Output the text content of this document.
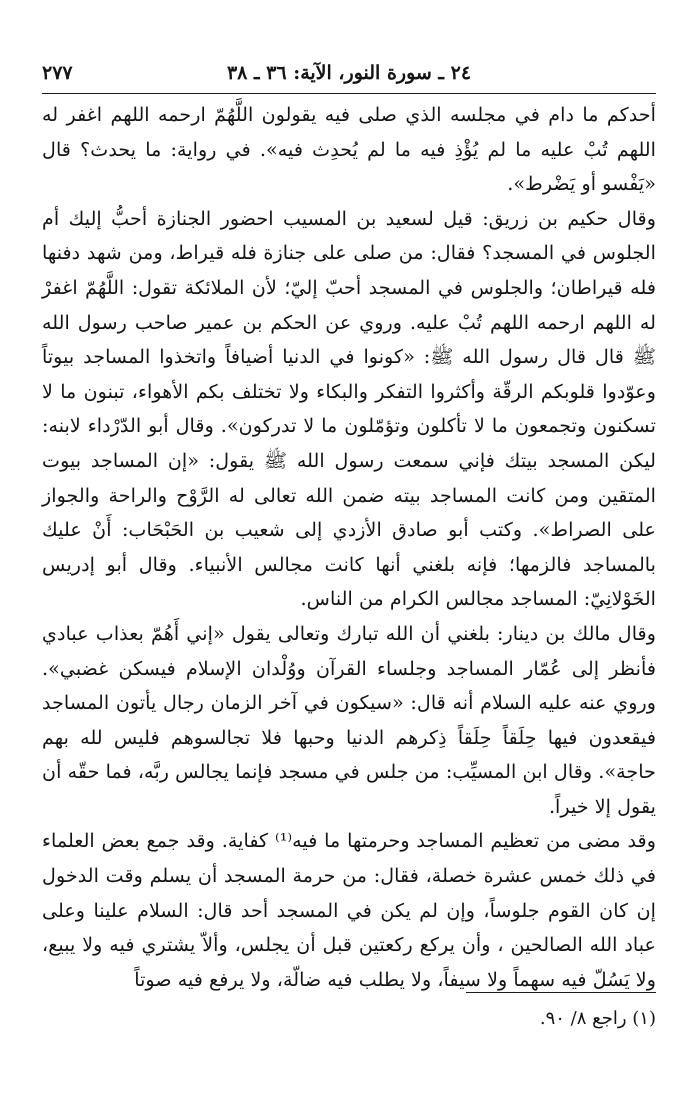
٢٤ ـ سورة النور، الآية: ٣٦ ـ ٣٨
٢٧٧

أحدكم ما دام في مجلسه الذي صلى فيه يقولون اللَّهُمّ ارحمه اللهم اغفر له اللهم تُبْ عليه ما لم يُؤْذِ فيه ما لم يُحدِث فيه». في رواية: ما يحدث؟ قال «يَفْسو أو يَضْرط».

وقال حكيم بن زريق: قيل لسعيد بن المسيب احضور الجنازة أحبُّ إليك أم الجلوس في المسجد؟ فقال: من صلى على جنازة فله قيراط، ومن شهد دفنها فله قيراطان؛ والجلوس في المسجد أحبّ إليّ؛ لأن الملائكة تقول: اللَّهُمّ اغفرْ له اللهم ارحمه اللهم تُبْ عليه. وروي عن الحكم بن عمير صاحب رسول الله ﷺ قال قال رسول الله ﷺ: «كونوا في الدنيا أضيافاً واتخذوا المساجد بيوتاً وعوّدوا قلوبكم الرقّة وأكثروا التفكر والبكاء ولا تختلف بكم الأهواء، تبنون ما لا تسكنون وتجمعون ما لا تأكلون وتؤمّلون ما لا تدركون». وقال أبو الدّرْداء لابنه: ليكن المسجد بيتك فإني سمعت رسول الله ﷺ يقول: «إن المساجد بيوت المتقين ومن كانت المساجد بيته ضمن الله تعالى له الرَّوْح والراحة والجواز على الصراط». وكتب أبو صادق الأزدي إلى شعيب بن الحَبْحَاب: أَنْ عليك بالمساجد فالزمها؛ فإنه بلغني أنها كانت مجالس الأنبياء. وقال أبو إدريس الخَوْلانِيّ: المساجد مجالس الكرام من الناس.

وقال مالك بن دينار: بلغني أن الله تبارك وتعالى يقول «إني أَهُمّ بعذاب عبادي فأنظر إلى عُمّار المساجد وجلساء القرآن ووُلْدان الإسلام فيسكن غضبي». وروي عنه عليه السلام أنه قال: «سيكون في آخر الزمان رجال يأتون المساجد فيقعدون فيها حِلَقاً حِلَقاً ذِكرهم الدنيا وحبها فلا تجالسوهم فليس لله بهم حاجة». وقال ابن المسيِّب: من جلس في مسجد فإنما يجالس ربَّه، فما حقّه أن يقول إلا خيراً.

وقد مضى من تعظيم المساجد وحرمتها ما فيه⁽¹⁾ كفاية. وقد جمع بعض العلماء في ذلك خمس عشرة خصلة، فقال: من حرمة المسجد أن يسلم وقت الدخول إن كان القوم جلوساً، وإن لم يكن في المسجد أحد قال: السلام علينا وعلى عباد الله الصالحين ، وأن يركع ركعتين قبل أن يجلس، وألاّ يشتري فيه ولا يبيع، ولا يَسُلّ فيه سهماً ولا سيفاً، ولا يطلب فيه ضالّة، ولا يرفع فيه صوتاً

(١) راجع ٨/ ٩٠.
